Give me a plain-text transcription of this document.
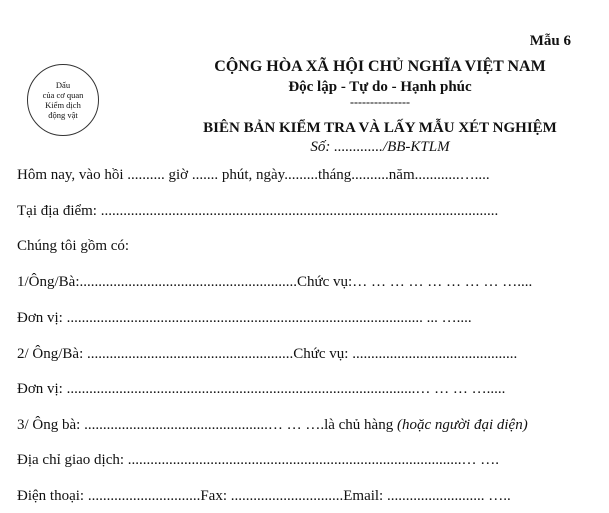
Mẫu 6
Dấu
của cơ quan
Kiểm dịch
động vật
CỘNG HÒA XÃ HỘI CHỦ NGHĨA VIỆT NAM
Độc lập - Tự do - Hạnh phúc
---------------
BIÊN BẢN KIỂM TRA VÀ LẤY MẪU XÉT NGHIỆM
Số: ............./BB-KTLM
Hôm nay, vào hồi .......... giờ ....... phút, ngày.........tháng..........năm............…....
Tại địa điểm: ..........................................................................................................
Chúng tôi gồm có:
1/Ông/Bà:..........................................................Chức vụ:… … … … … … … … …....
Đơn vị: ............................................................................................... ... …....
2/ Ông/Bà: .......................................................Chức vụ: ............................................
Đơn vị: .............................................................................................… … … ….....
3/ Ông bà: .................................................… … ….là chủ hàng (hoặc người đại diện)
Địa chỉ giao dịch: .........................................................................................… ….
Điện thoại: ..............................Fax: ..............................Email: .......................... …..
